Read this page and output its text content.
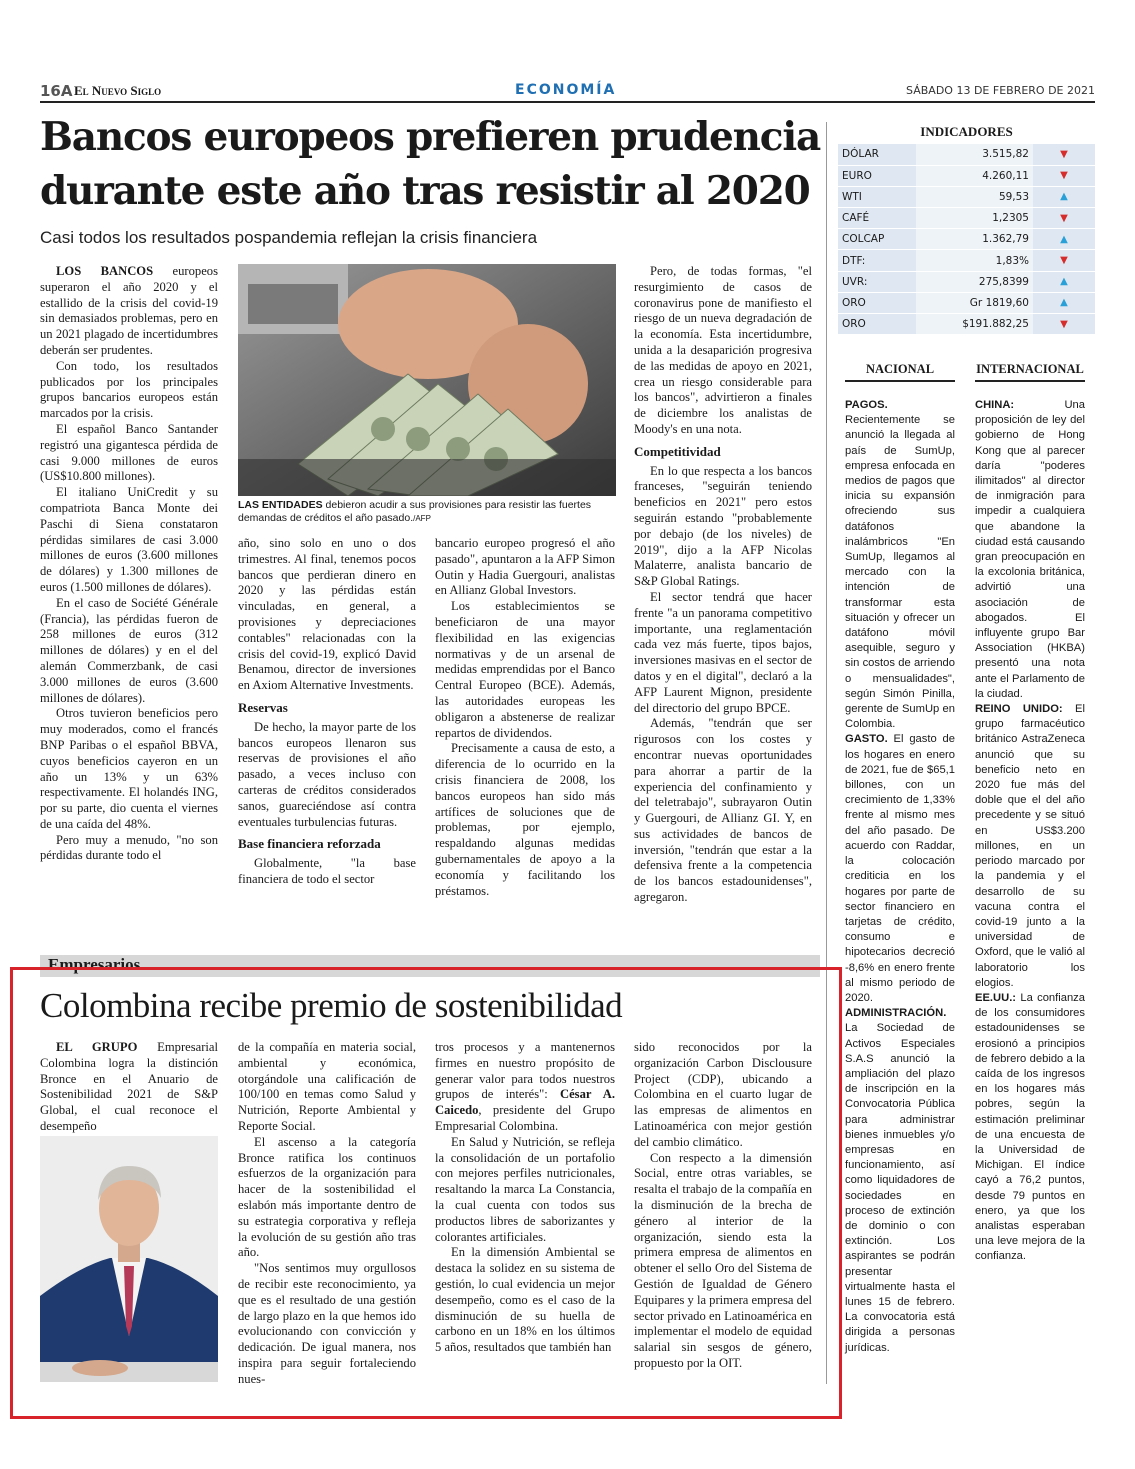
16A El Nuevo Siglo	ECONOMÍA	SÁBADO 13 DE FEBRERO DE 2021
Bancos europeos prefieren prudencia
durante este año tras resistir al 2020
Casi todos los resultados pospandemia reflejan la crisis financiera

LOS BANCOS europeos superaron el año 2020 y el estallido de la crisis del covid-19 sin demasiados problemas, pero en un 2021 plagado de incertidumbres deberán ser prudentes.

Con todo, los resultados publicados por los principales grupos bancarios europeos están marcados por la crisis.

El español Banco Santander registró una gigantesca pérdida de casi 9.000 millones de euros (US$10.800 millones).

El italiano UniCredit y su compatriota Banca Monte dei Paschi di Siena constataron pérdidas similares de casi 3.000 millones de euros (3.600 millones de dólares) y 1.300 millones de euros (1.500 millones de dólares).

En el caso de Société Générale (Francia), las pérdidas fueron de 258 millones de euros (312 millones de dólares) y en el del alemán Commerzbank, de casi 3.000 millones de euros (3.600 millones de dólares).

Otros tuvieron beneficios pero muy moderados, como el francés BNP Paribas o el español BBVA, cuyos beneficios cayeron en un año un 13% y un 63% respectivamente. El holandés ING, por su parte, dio cuenta el viernes de una caída del 48%.

Pero muy a menudo, "no son pérdidas durante todo el

LAS ENTIDADES debieron acudir a sus provisiones para resistir las fuertes demandas de créditos el año pasado./AFP

año, sino solo en uno o dos trimestres. Al final, tenemos pocos bancos que perdieran dinero en 2020 y las pérdidas están vinculadas, en general, a provisiones y depreciaciones contables" relacionadas con la crisis del covid-19, explicó David Benamou, director de inversiones en Axiom Alternative Investments.

Reservas

De hecho, la mayor parte de los bancos europeos llenaron sus reservas de provisiones el año pasado, a veces incluso con carteras de créditos considerados sanos, guareciéndose así contra eventuales turbulencias futuras.

Base financiera reforzada

Globalmente, "la base financiera de todo el sector

bancario europeo progresó el año pasado", apuntaron a la AFP Simon Outin y Hadia Guergouri, analistas en Allianz Global Investors.

Los establecimientos se beneficiaron de una mayor flexibilidad en las exigencias normativas y de un arsenal de medidas emprendidas por el Banco Central Europeo (BCE). Además, las autoridades europeas les obligaron a abstenerse de realizar repartos de dividendos.

Precisamente a causa de esto, a diferencia de lo ocurrido en la crisis financiera de 2008, los bancos europeos han sido más artífices de soluciones que de problemas, por ejemplo, respaldando algunas medidas gubernamentales de apoyo a la economía y facilitando los préstamos.

Pero, de todas formas, "el resurgimiento de casos de coronavirus pone de manifiesto el riesgo de un nueva degradación de la economía. Esta incertidumbre, unida a la desaparición progresiva de las medidas de apoyo en 2021, crea un riesgo considerable para los bancos", advirtieron a finales de diciembre los analistas de Moody's en una nota.

Competitividad

En lo que respecta a los bancos franceses, "seguirán teniendo beneficios en 2021" pero estos seguirán estando "probablemente por debajo (de los niveles) de 2019", dijo a la AFP Nicolas Malaterre, analista bancario de S&P Global Ratings.

El sector tendrá que hacer frente "a un panorama competitivo importante, una reglamentación cada vez más fuerte, tipos bajos, inversiones masivas en el sector de datos y en el digital", declaró a la AFP Laurent Mignon, presidente del directorio del grupo BPCE.

Además, "tendrán que ser rigurosos con los costes y encontrar nuevas oportunidades para ahorrar a partir de la experiencia del confinamiento y del teletrabajo", subrayaron Outin y Guergouri, de Allianz GI. Y, en sus actividades de bancos de inversión, "tendrán que estar a la defensiva frente a la competencia de los bancos estadounidenses", agregaron.

INDICADORES
DÓLAR	3.515,82	▼
EURO	4.260,11	▼
WTI	59,53	▲
CAFÉ	1,2305	▼
COLCAP	1.362,79	▲
DTF:	1,83%	▼
UVR:	275,8399	▲
ORO	Gr 1819,60	▲
ORO	$191.882,25	▼
NACIONAL	INTERNACIONAL

PAGOS. Recientemente se anunció la llegada al país de SumUp, empresa enfocada en medios de pagos que inicia su expansión ofreciendo sus datáfonos inalámbricos "En SumUp, llegamos al mercado con la intención de transformar esta situación y ofrecer un datáfono móvil asequible, seguro y sin costos de arriendo o mensualidades", según Simón Pinilla, gerente de SumUp en Colombia.

GASTO. El gasto de los hogares en enero de 2021, fue de $65,1 billones, con un crecimiento de 1,33% frente al mismo mes del año pasado. De acuerdo con Raddar, la colocación crediticia en los hogares por parte de sector financiero en tarjetas de crédito, consumo e hipotecarios decreció -8,6% en enero frente al mismo periodo de 2020.

ADMINISTRACIÓN. La Sociedad de Activos Especiales S.A.S anunció la ampliación del plazo de inscripción en la Convocatoria Pública para administrar bienes inmuebles y/o empresas en funcionamiento, así como liquidadores de sociedades en proceso de extinción de dominio o con extinción. Los aspirantes se podrán presentar virtualmente hasta el lunes 15 de febrero. La convocatoria está dirigida a personas jurídicas.

CHINA: Una proposición de ley del gobierno de Hong Kong que al parecer daría "poderes ilimitados" al director de inmigración para impedir a cualquiera que abandone la ciudad está causando gran preocupación en la excolonia británica, advirtió una asociación de abogados. El influyente grupo Bar Association (HKBA) presentó una nota ante el Parlamento de la ciudad.

REINO UNIDO: El grupo farmacéutico británico AstraZeneca anunció que su beneficio neto en 2020 fue más del doble que el del año precedente y se situó en US$3.200 millones, en un periodo marcado por la pandemia y el desarrollo de su vacuna contra el covid-19 junto a la universidad de Oxford, que le valió al laboratorio los elogios.

EE.UU.: La confianza de los consumidores estadounidenses se erosionó a principios de febrero debido a la caída de los ingresos en los hogares más pobres, según la estimación preliminar de una encuesta de la Universidad de Michigan. El índice cayó a 76,2 puntos, desde 79 puntos en enero, ya que los analistas esperaban una leve mejora de la confianza.

Empresarios
Colombina recibe premio de sostenibilidad

EL GRUPO Empresarial Colombina logra la distinción Bronce en el Anuario de Sostenibilidad 2021 de S&P Global, el cual reconoce el desempeño

de la compañía en materia social, ambiental y económica, otorgándole una calificación de 100/100 en temas como Salud y Nutrición, Reporte Ambiental y Reporte Social.

El ascenso a la categoría Bronce ratifica los continuos esfuerzos de la organización para hacer de la sostenibilidad el eslabón más importante dentro de su estrategia corporativa y refleja la evolución de su gestión año tras año.

"Nos sentimos muy orgullosos de recibir este reconocimiento, ya que es el resultado de una gestión de largo plazo en la que hemos ido evolucionando con convicción y dedicación. De igual manera, nos inspira para seguir fortaleciendo nues-

tros procesos y a mantenernos firmes en nuestro propósito de generar valor para todos nuestros grupos de interés": César A. Caicedo, presidente del Grupo Empresarial Colombina.

En Salud y Nutrición, se refleja la consolidación de un portafolio con mejores perfiles nutricionales, resaltando la marca La Constancia, la cual cuenta con todos sus productos libres de saborizantes y colorantes artificiales.

En la dimensión Ambiental se destaca la solidez en su sistema de gestión, lo cual evidencia un mejor desempeño, como es el caso de la disminución de su huella de carbono en un 18% en los últimos 5 años, resultados que también han

sido reconocidos por la organización Carbon Disclousure Project (CDP), ubicando a Colombina en el cuarto lugar de las empresas de alimentos en Latinoamérica con mejor gestión del cambio climático.

Con respecto a la dimensión Social, entre otras variables, se resalta el trabajo de la compañía en la disminución de la brecha de género al interior de la organización, siendo esta la primera empresa de alimentos en obtener el sello Oro del Sistema de Gestión de Igualdad de Género Equipares y la primera empresa del sector privado en Latinoamérica en implementar el modelo de equidad salarial sin sesgos de género, propuesto por la OIT.
